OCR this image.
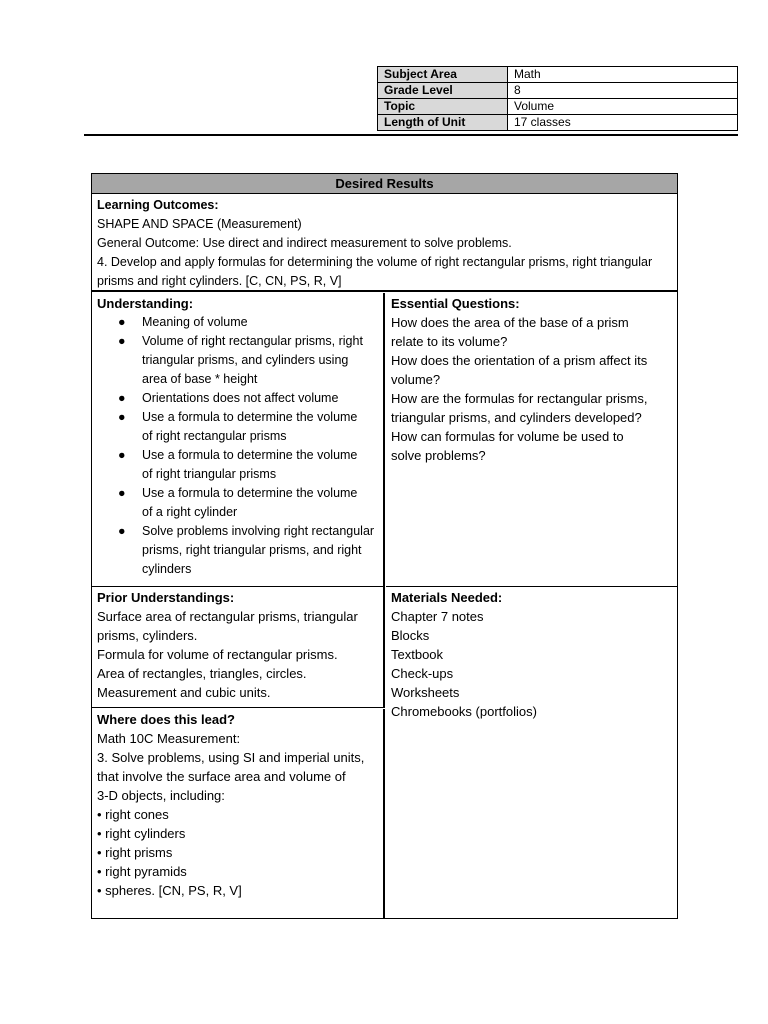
Subject Area	Math
Grade Level	8
Topic	Volume
Length of Unit	17 classes
Desired Results
Learning Outcomes:
SHAPE AND SPACE (Measurement)
General Outcome: Use direct and indirect measurement to solve problems.
4. Develop and apply formulas for determining the volume of right rectangular prisms, right triangular
prisms and right cylinders. [C, CN, PS, R, V]
Understanding:
● Meaning of volume
● Volume of right rectangular prisms, right
triangular prisms, and cylinders using
area of base * height
● Orientations does not affect volume
● Use a formula to determine the volume
of right rectangular prisms
● Use a formula to determine the volume
of right triangular prisms
● Use a formula to determine the volume
of a right cylinder
● Solve problems involving right rectangular
prisms, right triangular prisms, and right
cylinders
Essential Questions:
How does the area of the base of a prism
relate to its volume?
How does the orientation of a prism affect its
volume?
How are the formulas for rectangular prisms,
triangular prisms, and cylinders developed?
How can formulas for volume be used to
solve problems?
Prior Understandings:
Surface area of rectangular prisms, triangular
prisms, cylinders.
Formula for volume of rectangular prisms.
Area of rectangles, triangles, circles.
Measurement and cubic units.
Where does this lead?
Math 10C Measurement:
3. Solve problems, using SI and imperial units,
that involve the surface area and volume of
3-D objects, including:
• right cones
• right cylinders
• right prisms
• right pyramids
• spheres. [CN, PS, R, V]
Materials Needed:
Chapter 7 notes
Blocks
Textbook
Check-ups
Worksheets
Chromebooks (portfolios)
